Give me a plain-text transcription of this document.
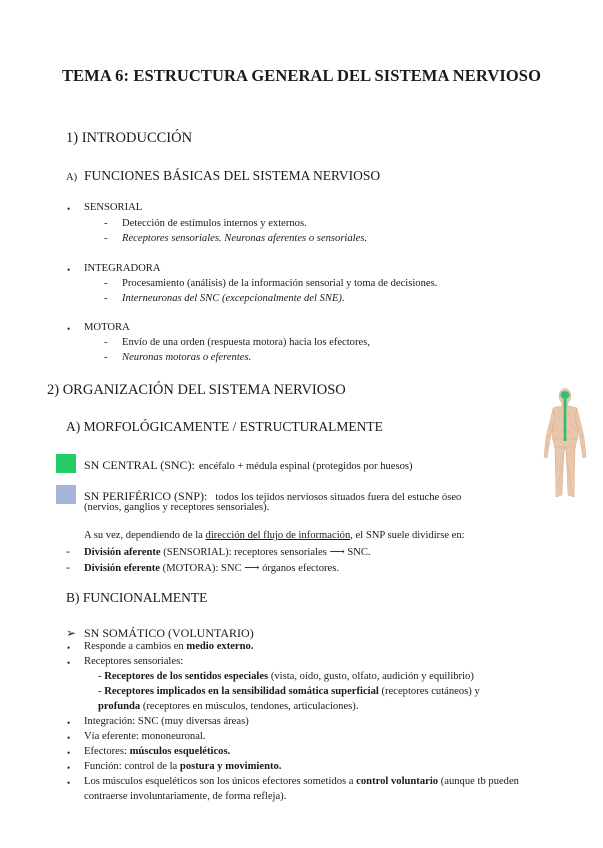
TEMA 6: ESTRUCTURA GENERAL DEL SISTEMA NERVIOSO
1) INTRODUCCIÓN
A) FUNCIONES BÁSICAS DEL SISTEMA NERVIOSO
• SENSORIAL
- Detección de estímulos internos y externos.
- Receptores sensoriales. Neuronas aferentes o sensoriales.
• INTEGRADORA
- Procesamiento (análisis) de la información sensorial y toma de decisiones.
- Interneuronas del SNC (excepcionalmente del SNE).
• MOTORA
- Envío de una orden (respuesta motora) hacia los efectores,
- Neuronas motoras o eferentes.
2) ORGANIZACIÓN DEL SISTEMA NERVIOSO
A) MORFOLÓGICAMENTE / ESTRUCTURALMENTE
SN CENTRAL (SNC): encéfalo + médula espinal (protegidos por huesos)
SN PERIFÉRICO (SNP): todos los tejidos nerviosos situados fuera del estuche óseo
(nervios, ganglios y receptores sensoriales).
A su vez, dependiendo de la dirección del flujo de información, el SNP suele dividirse en:
- División aferente (SENSORIAL): receptores sensoriales ⟶ SNC.
- División eferente (MOTORA): SNC ⟶ órganos efectores.
B) FUNCIONALMENTE
➢ SN SOMÁTICO (VOLUNTARIO)
• Responde a cambios en medio externo.
• Receptores sensoriales:
- Receptores de los sentidos especiales (vista, oído, gusto, olfato, audición y equilibrio)
- Receptores implicados en la sensibilidad somática superficial (receptores cutáneos) y
profunda (receptores en músculos, tendones, articulaciones).
• Integración: SNC (muy diversas áreas)
• Vía eferente: mononeuronal.
• Efectores: músculos esqueléticos.
• Función: control de la postura y movimiento.
• Los músculos esqueléticos son los únicos efectores sometidos a control voluntario (aunque tb pueden
contraerse involuntariamente, de forma refleja).
